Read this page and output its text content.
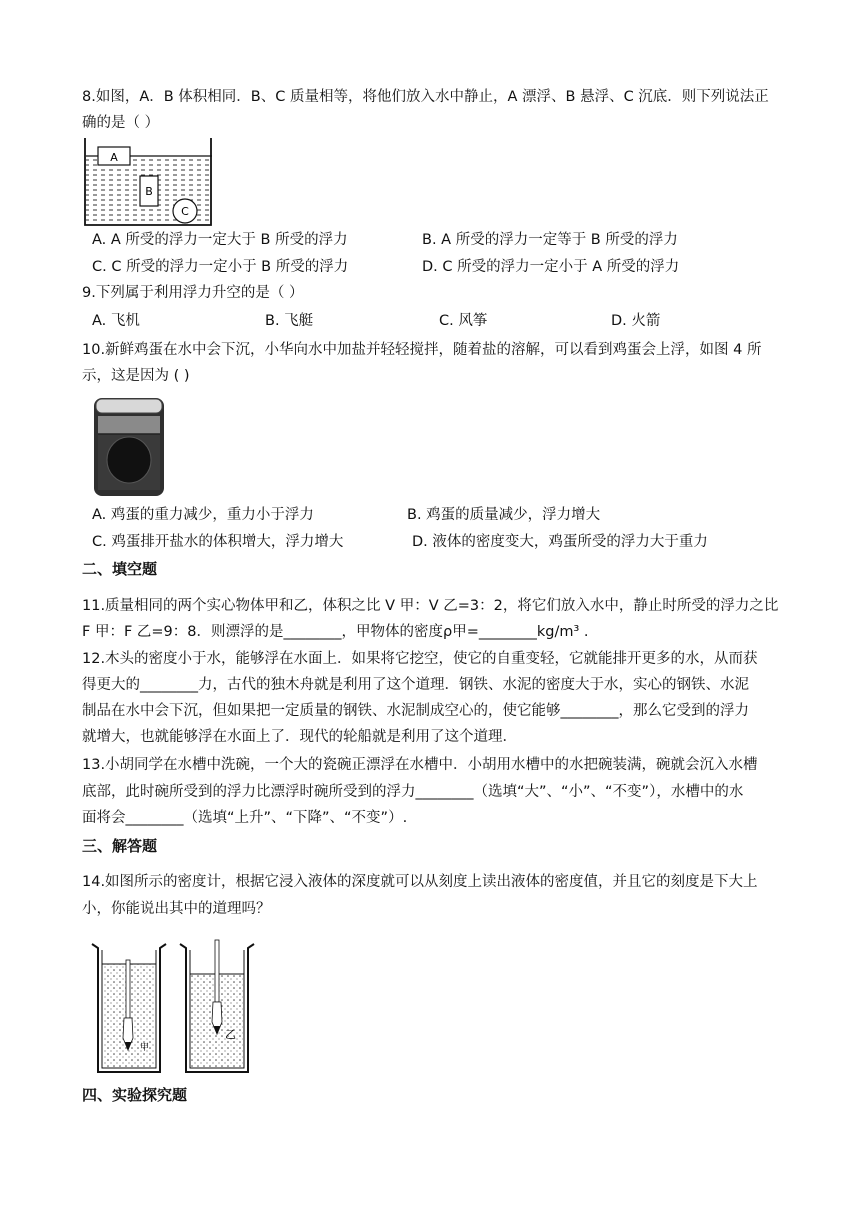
8.如图，A．B 体积相同．B、C 质量相等，将他们放入水中静止，A 漂浮、B 悬浮、C 沉底．则下列说法正
确的是（ ）
A
B
C
A. A 所受的浮力一定大于 B 所受的浮力	B. A 所受的浮力一定等于 B 所受的浮力
C. C 所受的浮力一定小于 B 所受的浮力	D. C 所受的浮力一定小于 A 所受的浮力
9.下列属于利用浮力升空的是（ ）
A. 飞机	B. 飞艇	C. 风筝	D. 火箭
10.新鲜鸡蛋在水中会下沉，小华向水中加盐并轻轻搅拌，随着盐的溶解，可以看到鸡蛋会上浮，如图 4 所
示，这是因为 ( )
A. 鸡蛋的重力减少，重力小于浮力	B. 鸡蛋的质量减少，浮力增大
C. 鸡蛋排开盐水的体积增大，浮力增大	D. 液体的密度变大，鸡蛋所受的浮力大于重力
二、填空题
11.质量相同的两个实心物体甲和乙，体积之比 V 甲：V 乙=3：2，将它们放入水中，静止时所受的浮力之比
F 甲：F 乙=9：8．则漂浮的是________，甲物体的密度ρ甲=________kg/m³ .
12.木头的密度小于水，能够浮在水面上．如果将它挖空，使它的自重变轻，它就能排开更多的水，从而获
得更大的________力，古代的独木舟就是利用了这个道理．钢铁、水泥的密度大于水，实心的钢铁、水泥
制品在水中会下沉，但如果把一定质量的钢铁、水泥制成空心的，使它能够________，那么它受到的浮力
就增大，也就能够浮在水面上了．现代的轮船就是利用了这个道理．
13.小胡同学在水槽中洗碗，一个大的瓷碗正漂浮在水槽中．小胡用水槽中的水把碗装满，碗就会沉入水槽
底部，此时碗所受到的浮力比漂浮时碗所受到的浮力________（选填“大”、“小”、“不变”），水槽中的水
面将会________（选填“上升”、“下降”、“不变”）.
三、解答题
14.如图所示的密度计，根据它浸入液体的深度就可以从刻度上读出液体的密度值，并且它的刻度是下大上
小，你能说出其中的道理吗？
甲
乙
四、实验探究题
